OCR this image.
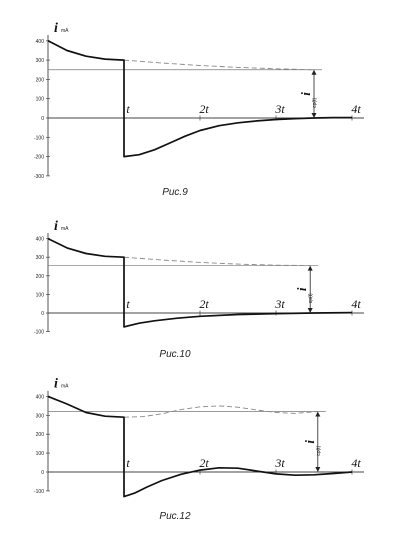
400
300
200
100
0
-100
-200
-300
t	2t	3t	4t
i mA
i
ср(t)
Рис.9
400
300
200
100
0
-100
t	2t	3t	4t
i mA
i
ср(t)
Рис.10
400
300
200
100
0
-100
t	2t	3t	4t
i mA
i
ср(t)
Рис.12
